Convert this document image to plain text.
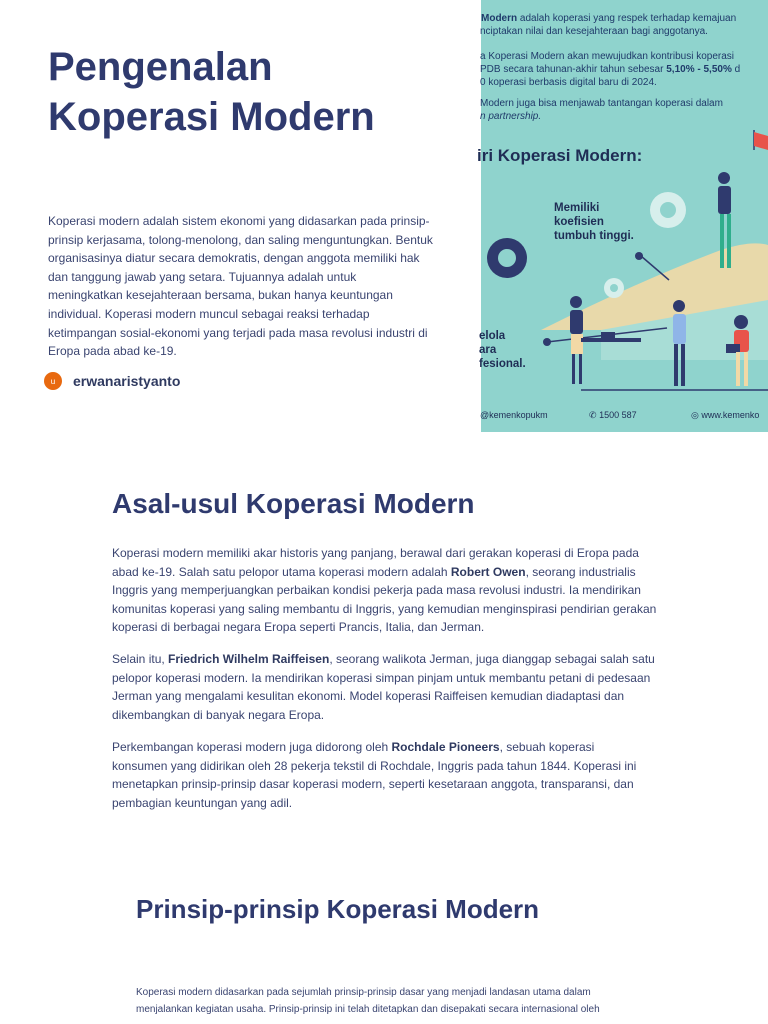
Pengenalan
Koperasi Modern

Koperasi modern adalah sistem ekonomi yang didasarkan pada prinsip-prinsip kerjasama, tolong-menolong, dan saling menguntungkan. Bentuk organisasinya diatur secara demokratis, dengan anggota memiliki hak dan tanggung jawab yang setara. Tujuannya adalah untuk meningkatkan kesejahteraan bersama, bukan hanya keuntungan individual. Koperasi modern muncul sebagai reaksi terhadap ketimpangan sosial-ekonomi yang terjadi pada masa revolusi industri di Eropa pada abad ke-19.

u	erwanaristyanto
Modern adalah koperasi yang respek terhadap kemajuan
nciptakan nilai dan kesejahteraan bagi anggotanya.
a Koperasi Modern akan mewujudkan kontribusi koperasi
PDB secara tahunan-akhir tahun sebesar 5,10% - 5,50% d
0 koperasi berbasis digital baru di 2024.
Modern juga bisa menjawab tantangan koperasi dalam
n partnership.
iri Koperasi Modern:
Memiliki
koefisien
tumbuh tinggi.
elola
ara
fesional.
@kemenkopukm	✆ 1500 587	◎ www.kemenko
Asal-usul Koperasi Modern

Koperasi modern memiliki akar historis yang panjang, berawal dari gerakan koperasi di Eropa pada abad ke-19. Salah satu pelopor utama koperasi modern adalah Robert Owen, seorang industrialis Inggris yang memperjuangkan perbaikan kondisi pekerja pada masa revolusi industri. Ia mendirikan komunitas koperasi yang saling membantu di Inggris, yang kemudian menginspirasi pendirian gerakan koperasi di berbagai negara Eropa seperti Prancis, Italia, dan Jerman.

Selain itu, Friedrich Wilhelm Raiffeisen, seorang walikota Jerman, juga dianggap sebagai salah satu pelopor koperasi modern. Ia mendirikan koperasi simpan pinjam untuk membantu petani di pedesaan Jerman yang mengalami kesulitan ekonomi. Model koperasi Raiffeisen kemudian diadaptasi dan dikembangkan di banyak negara Eropa.

Perkembangan koperasi modern juga didorong oleh Rochdale Pioneers, sebuah koperasi konsumen yang didirikan oleh 28 pekerja tekstil di Rochdale, Inggris pada tahun 1844. Koperasi ini menetapkan prinsip-prinsip dasar koperasi modern, seperti kesetaraan anggota, transparansi, dan pembagian keuntungan yang adil.

Prinsip-prinsip Koperasi Modern

Koperasi modern didasarkan pada sejumlah prinsip-prinsip dasar yang menjadi landasan utama dalam menjalankan kegiatan usaha. Prinsip-prinsip ini telah ditetapkan dan disepakati secara internasional oleh
